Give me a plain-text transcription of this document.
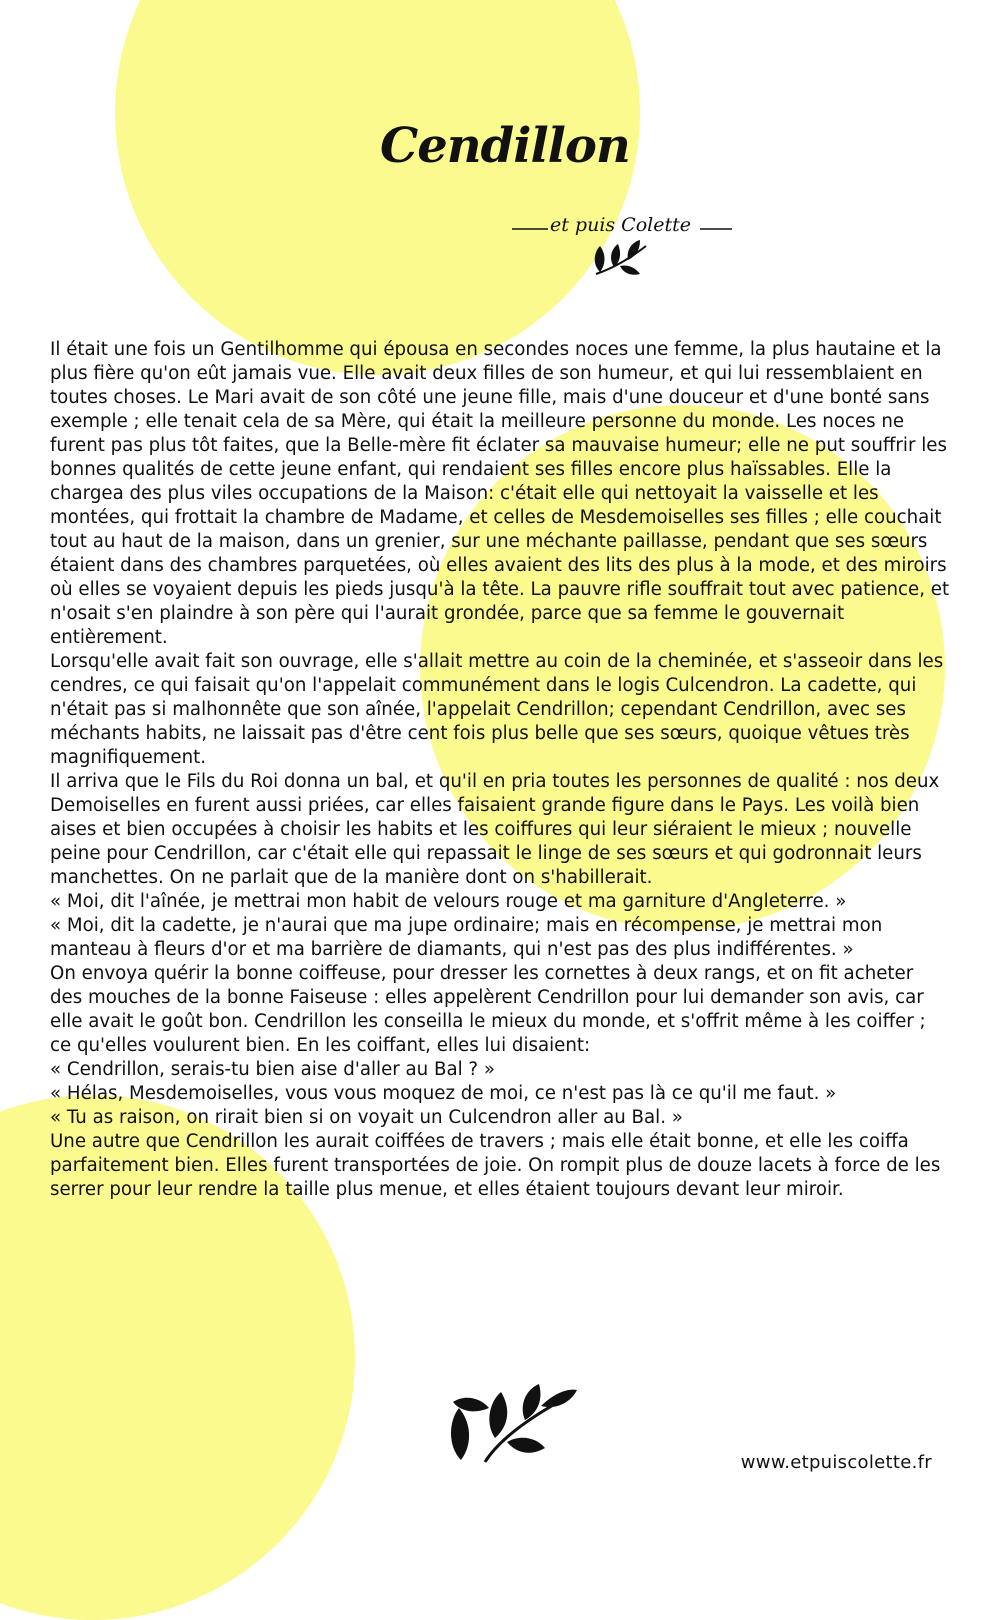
Cendillon
et puis Colette

Il était une fois un Gentilhomme qui épousa en secondes noces une femme, la plus hautaine et la plus fière qu'on eût jamais vue. Elle avait deux filles de son humeur, et qui lui ressemblaient en toutes choses. Le Mari avait de son côté une jeune fille, mais d'une douceur et d'une bonté sans exemple ; elle tenait cela de sa Mère, qui était la meilleure personne du monde. Les noces ne furent pas plus tôt faites, que la Belle-mère fit éclater sa mauvaise humeur; elle ne put souffrir les bonnes qualités de cette jeune enfant, qui rendaient ses filles encore plus haïssables. Elle la chargea des plus viles occupations de la Maison: c'était elle qui nettoyait la vaisselle et les montées, qui frottait la chambre de Madame, et celles de Mesdemoiselles ses filles ; elle couchait tout au haut de la maison, dans un grenier, sur une méchante paillasse, pendant que ses sœurs étaient dans des chambres parquetées, où elles avaient des lits des plus à la mode, et des miroirs où elles se voyaient depuis les pieds jusqu'à la tête. La pauvre rifle souffrait tout avec patience, et n'osait s'en plaindre à son père qui l'aurait grondée, parce que sa femme le gouvernait entièrement.

Lorsqu'elle avait fait son ouvrage, elle s'allait mettre au coin de la cheminée, et s'asseoir dans les cendres, ce qui faisait qu'on l'appelait communément dans le logis Culcendron. La cadette, qui n'était pas si malhonnête que son aînée, l'appelait Cendrillon; cependant Cendrillon, avec ses méchants habits, ne laissait pas d'être cent fois plus belle que ses sœurs, quoique vêtues très magnifiquement.

Il arriva que le Fils du Roi donna un bal, et qu'il en pria toutes les personnes de qualité : nos deux Demoiselles en furent aussi priées, car elles faisaient grande figure dans le Pays. Les voilà bien aises et bien occupées à choisir les habits et les coiffures qui leur siéraient le mieux ; nouvelle peine pour Cendrillon, car c'était elle qui repassait le linge de ses sœurs et qui godronnait leurs manchettes. On ne parlait que de la manière dont on s'habillerait.

« Moi, dit l'aînée, je mettrai mon habit de velours rouge et ma garniture d'Angleterre. »

« Moi, dit la cadette, je n'aurai que ma jupe ordinaire; mais en récompense, je mettrai mon manteau à fleurs d'or et ma barrière de diamants, qui n'est pas des plus indifférentes. »

On envoya quérir la bonne coiffeuse, pour dresser les cornettes à deux rangs, et on fit acheter des mouches de la bonne Faiseuse : elles appelèrent Cendrillon pour lui demander son avis, car elle avait le goût bon. Cendrillon les conseilla le mieux du monde, et s'offrit même à les coiffer ; ce qu'elles voulurent bien. En les coiffant, elles lui disaient:

« Cendrillon, serais-tu bien aise d'aller au Bal ? »

« Hélas, Mesdemoiselles, vous vous moquez de moi, ce n'est pas là ce qu'il me faut. »

« Tu as raison, on rirait bien si on voyait un Culcendron aller au Bal. »

Une autre que Cendrillon les aurait coiffées de travers ; mais elle était bonne, et elle les coiffa parfaitement bien. Elles furent transportées de joie. On rompit plus de douze lacets à force de les serrer pour leur rendre la taille plus menue, et elles étaient toujours devant leur miroir.

www.etpuiscolette.fr
